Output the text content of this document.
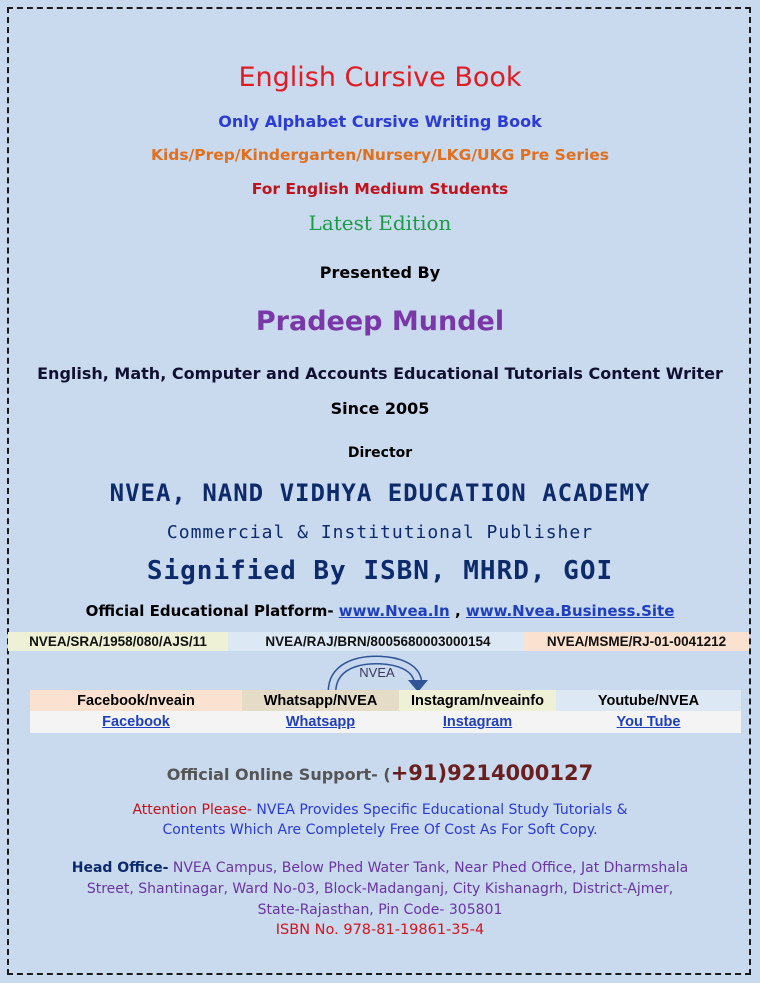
English Cursive Book
Only Alphabet Cursive Writing Book
Kids/Prep/Kindergarten/Nursery/LKG/UKG Pre Series
For English Medium Students
Latest Edition
Presented By
Pradeep Mundel
English, Math, Computer and Accounts Educational Tutorials Content Writer
Since 2005
Director
NVEA, NAND VIDHYA EDUCATION ACADEMY
Commercial & Institutional Publisher
Signified By ISBN, MHRD, GOI
Official Educational Platform- www.Nvea.In , www.Nvea.Business.Site
NVEA/SRA/1958/080/AJS/11	NVEA/RAJ/BRN/8005680003000154	NVEA/MSME/RJ-01-0041212
NVEA
Facebook/nveain
Facebook
Whatsapp/NVEA
Whatsapp
Instagram/nveainfo
Instagram
Youtube/NVEA
You Tube
Official Online Support- (+91)9214000127
Attention Please- NVEA Provides Specific Educational Study Tutorials &
Contents Which Are Completely Free Of Cost As For Soft Copy.
Head Office- NVEA Campus, Below Phed Water Tank, Near Phed Office, Jat Dharmshala
Street, Shantinagar, Ward No-03, Block-Madanganj, City Kishanagrh, District-Ajmer,
State-Rajasthan, Pin Code- 305801
ISBN No. 978-81-19861-35-4
